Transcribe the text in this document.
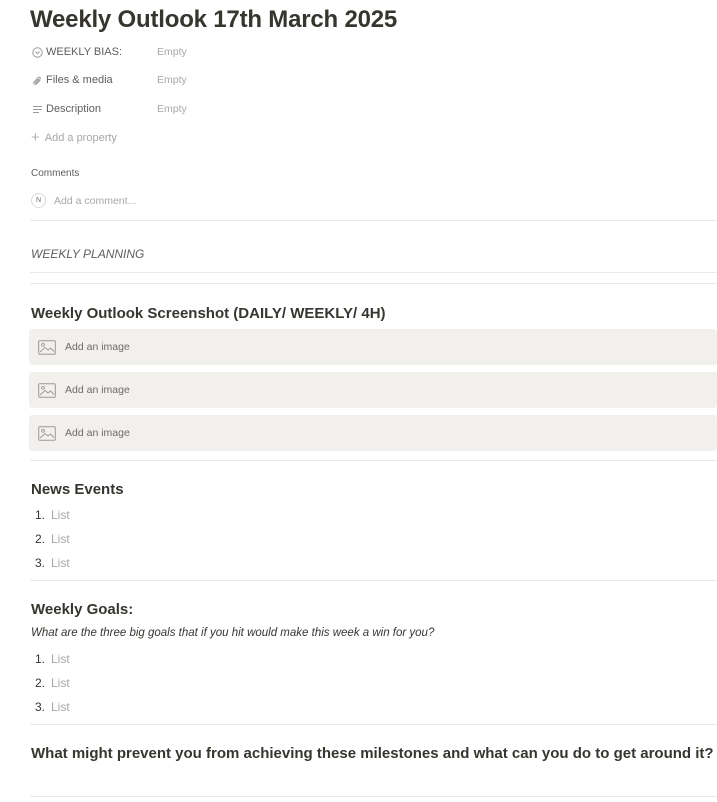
Weekly Outlook 17th March 2025
WEEKLY BIAS:	Empty
Files & media	Empty
Description	Empty
+ Add a property
Comments
N
Add a comment...
WEEKLY PLANNING
Weekly Outlook Screenshot (DAILY/ WEEKLY/ 4H)
Add an image
Add an image
Add an image
News Events
1. List
2. List
3. List
Weekly Goals:
What are the three big goals that if you hit would make this week a win for you?
1. List
2. List
3. List
What might prevent you from achieving these milestones and what can you do to get around it?
